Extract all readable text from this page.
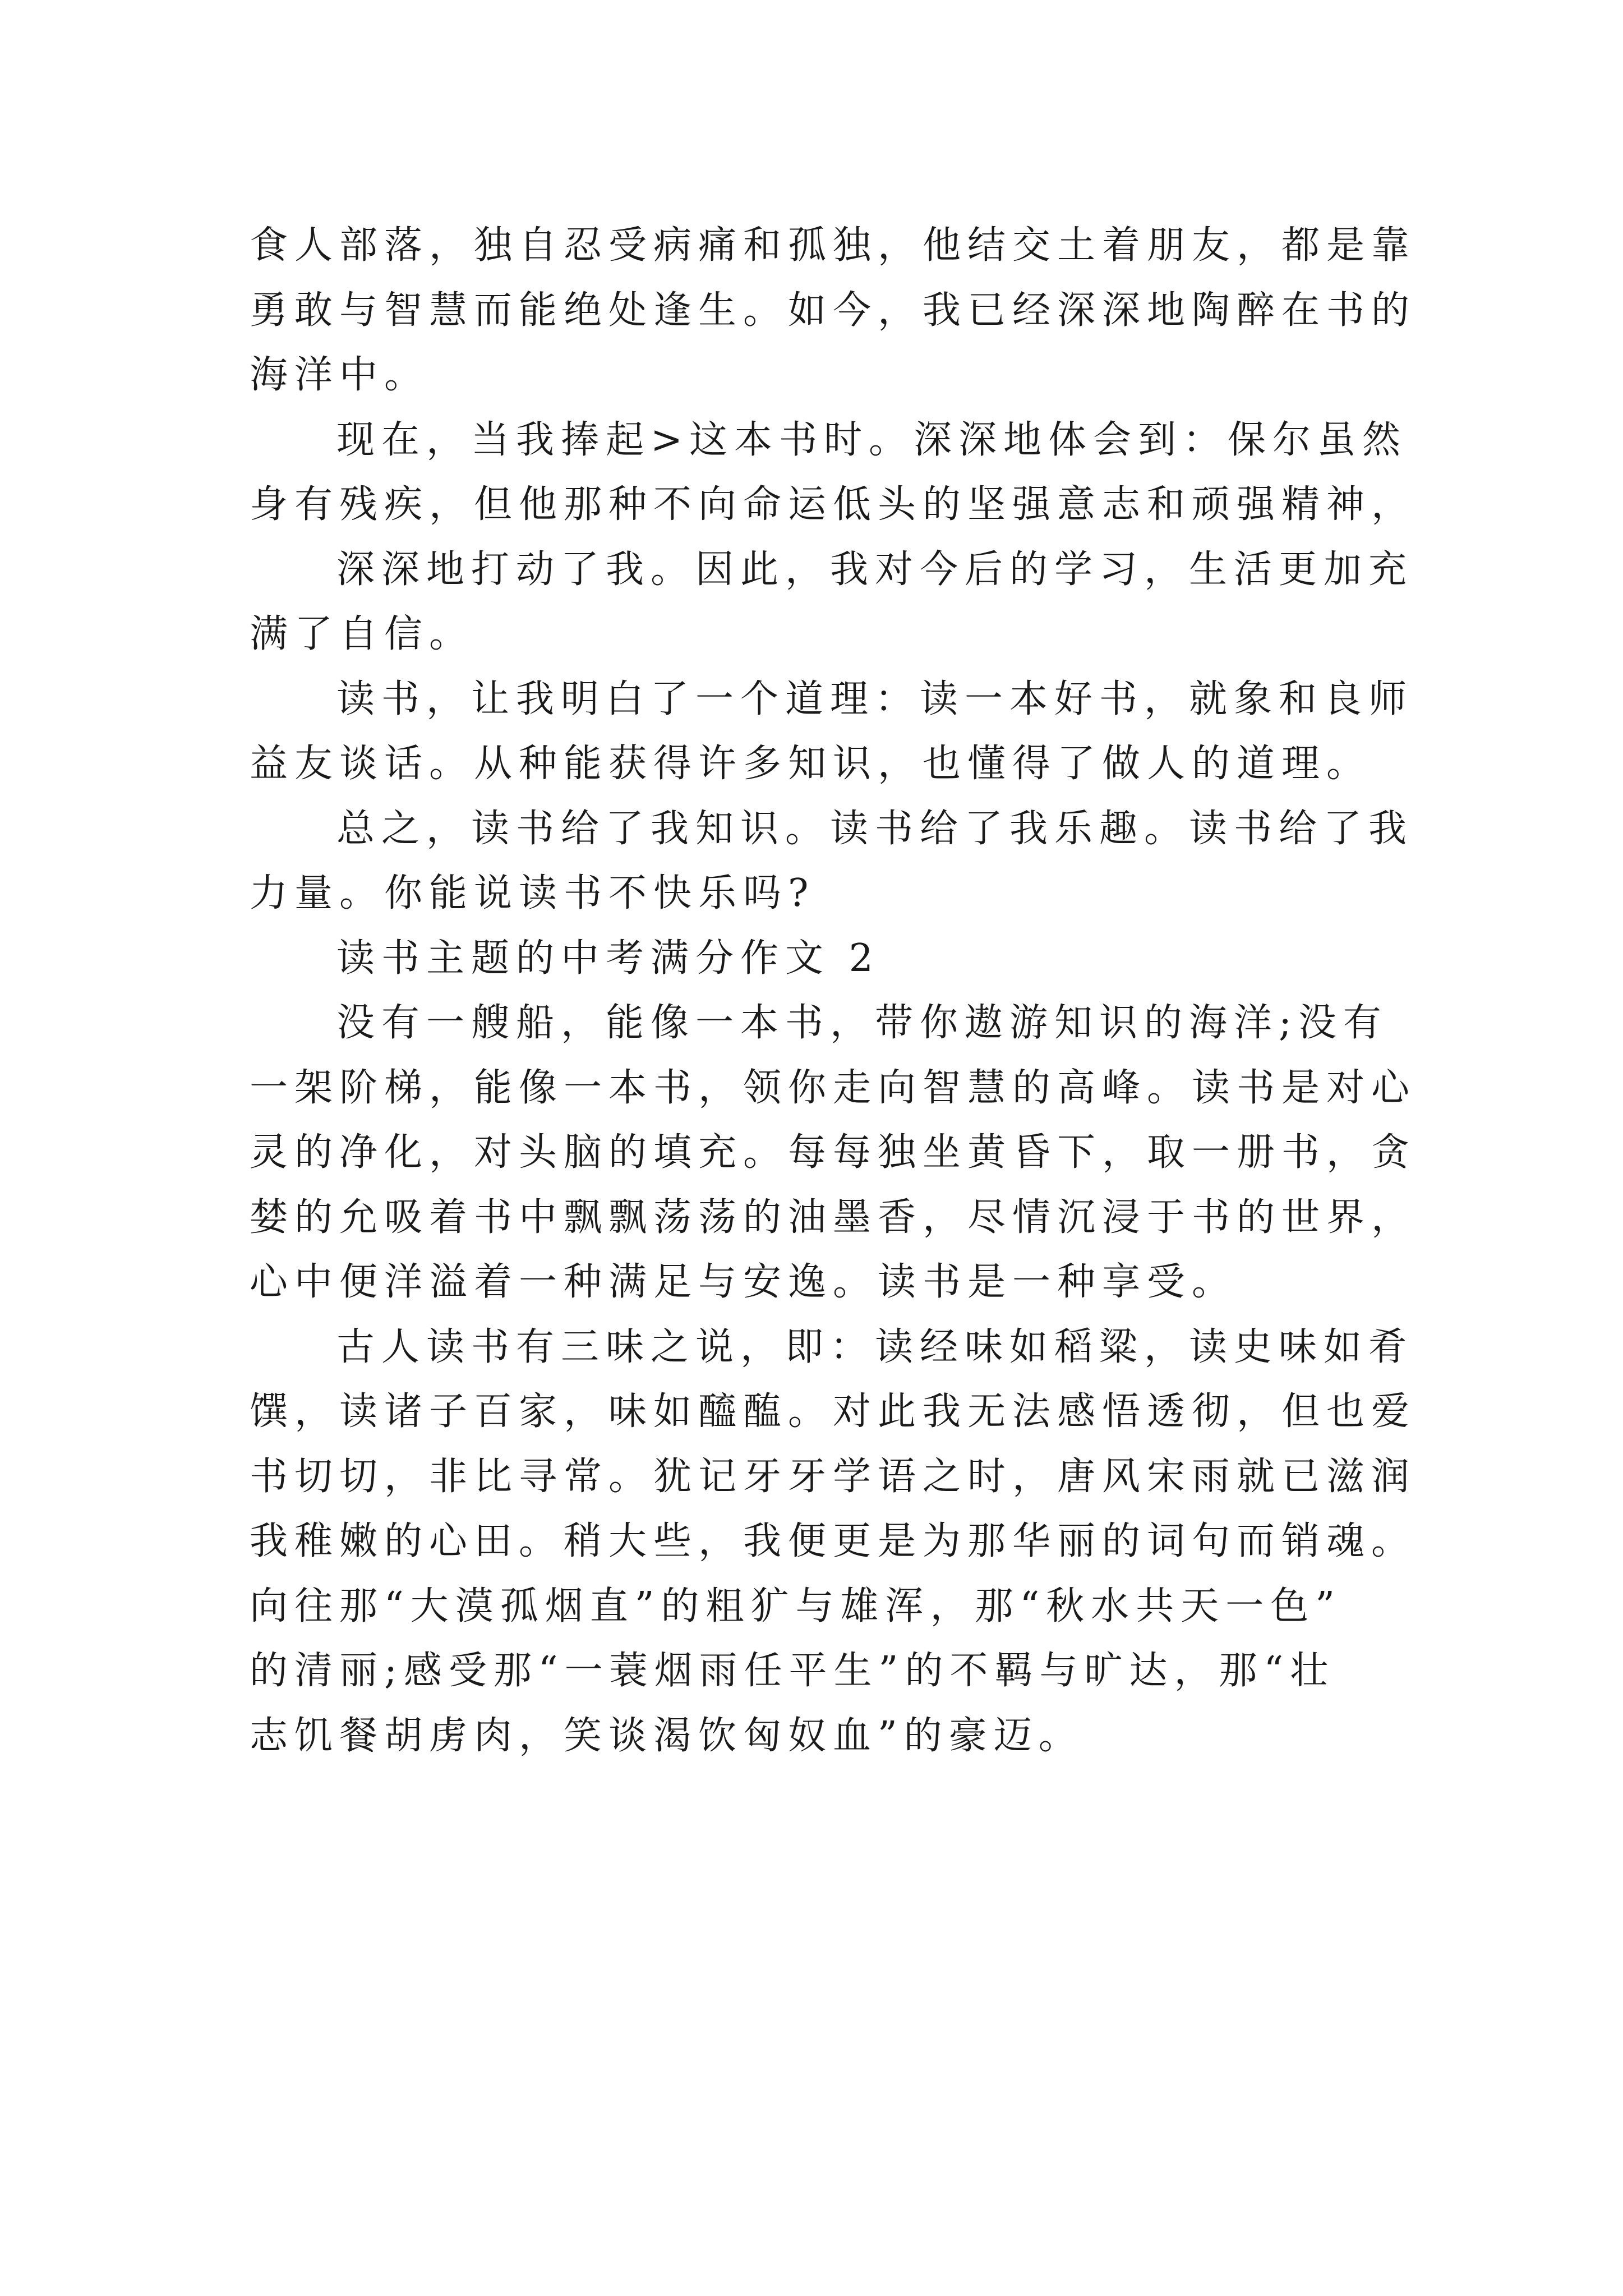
食人部落，独自忍受病痛和孤独，他结交土着朋友，都是靠
勇敢与智慧而能绝处逢生。如今，我已经深深地陶醉在书的
海洋中。
现在，当我捧起>这本书时。深深地体会到：保尔虽然
身有残疾，但他那种不向命运低头的坚强意志和顽强精神，
深深地打动了我。因此，我对今后的学习，生活更加充
满了自信。
读书，让我明白了一个道理：读一本好书，就象和良师
益友谈话。从种能获得许多知识，也懂得了做人的道理。
总之，读书给了我知识。读书给了我乐趣。读书给了我
力量。你能说读书不快乐吗?
读书主题的中考满分作文 2
没有一艘船，能像一本书，带你遨游知识的海洋;没有
一架阶梯，能像一本书，领你走向智慧的高峰。读书是对心
灵的净化，对头脑的填充。每每独坐黄昏下，取一册书，贪
婪的允吸着书中飘飘荡荡的油墨香，尽情沉浸于书的世界，
心中便洋溢着一种满足与安逸。读书是一种享受。
古人读书有三味之说，即：读经味如稻粱，读史味如肴
馔，读诸子百家，味如醯醢。对此我无法感悟透彻，但也爱
书切切，非比寻常。犹记牙牙学语之时，唐风宋雨就已滋润
我稚嫩的心田。稍大些，我便更是为那华丽的词句而销魂。
向往那“大漠孤烟直”的粗犷与雄浑，那“秋水共天一色”
的清丽;感受那“一蓑烟雨任平生”的不羁与旷达，那“壮
志饥餐胡虏肉，笑谈渴饮匈奴血”的豪迈。
